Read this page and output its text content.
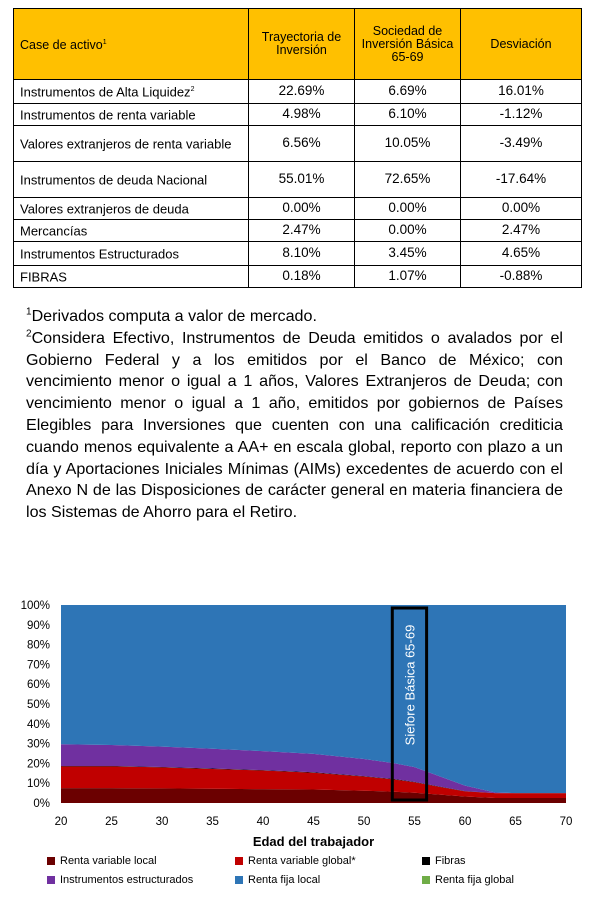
Case de activo$^1$	Trayectoria de Inversión	Sociedad de Inversión Básica 65-69	Desviación
Instrumentos de Alta Liquidez$^2$	22.69%	6.69%	16.01%
Instrumentos de renta variable	4.98%	6.10%	-1.12%
Valores extranjeros de renta variable	6.56%	10.05%	-3.49%
Instrumentos de deuda Nacional	55.01%	72.65%	-17.64%
Valores extranjeros de deuda	0.00%	0.00%	0.00%
Mercancías	2.47%	0.00%	2.47%
Instrumentos Estructurados	8.10%	3.45%	4.65%
FIBRAS	0.18%	1.07%	-0.88%

$^1$Derivados computa a valor de mercado.

$^2$Considera Efectivo, Instrumentos de Deuda emitidos o avalados por el Gobierno Federal y a los emitidos por el Banco de México; con vencimiento menor o igual a 1 años, Valores Extranjeros de Deuda; con vencimiento menor o igual a 1 año, emitidos por gobiernos de Países Elegibles para Inversiones que cuenten con una calificación crediticia cuando menos equivalente a AA+ en escala global, reporto con plazo a un día y Aportaciones Iniciales Mínimas (AIMs) excedentes de acuerdo con el Anexo N de las Disposiciones de carácter general en materia financiera de los Sistemas de Ahorro para el Retiro.

0%
10%
20%
30%
40%
50%
60%
70%
80%
90%
100%
20	25	30	35	40	45	50	55	60	65	70
Edad del trabajador
Siefore Básica 65-69
Renta variable local	Renta variable global*	Fibras
Instrumentos estructurados	Renta fija local	Renta fija global
